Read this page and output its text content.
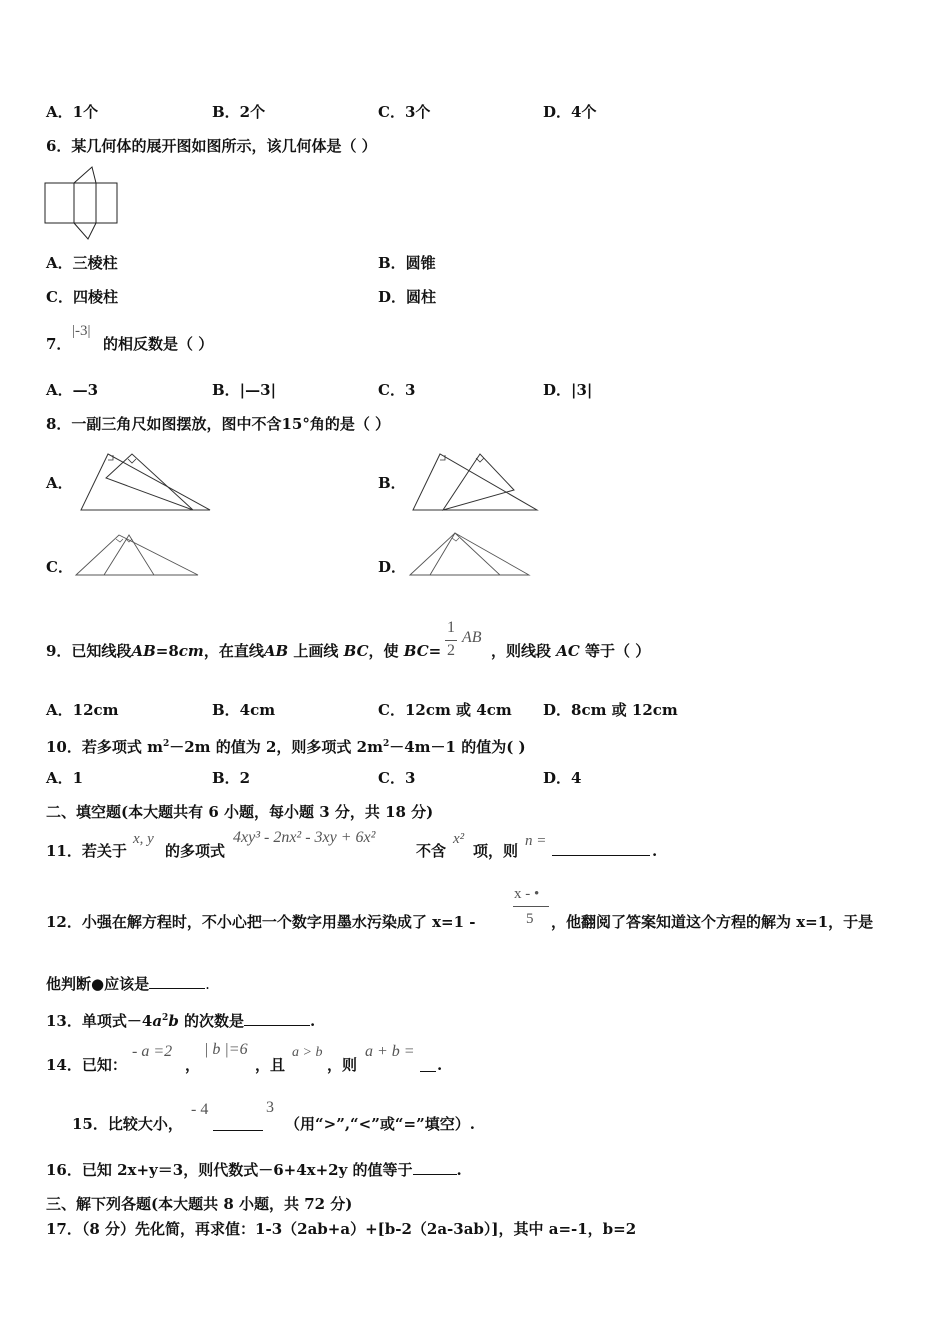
A．1个	B．2个	C．3个	D．4个
6．某几何体的展开图如图所示，该几何体是（ ）
A．三棱柱	B．圆锥
C．四棱柱	D．圆柱
7．
|-3|
的相反数是（ ）
A．—3	B．|—3|	C．3	D．|3|
8．一副三角尺如图摆放，图中不含15°角的是（ ）
A．	B．
C．	D．
9．已知线段AB=8cm，在直线AB 上画线 BC，使 BC=
1
2
AB
，则线段 AC 等于（ ）
A．12cm	B．4cm	C．12cm 或 4cm D．8cm 或 12cm
10．若多项式 $m^2-2m$ 的值为 2，则多项式 $2m^2-4m-1$ 的值为( )
A．1	B．2	C．3	D．4
二、填空题(本大题共有 6 小题，每小题 3 分，共 18 分)
11．若关于
x, y
的多项式
4xy³ - 2nx² - 3xy + 6x²
不含
x²
项，则
n =
.
12．小强在解方程时，不小心把一个数字用墨水污染成了 x=1 -
x - •
5 ，他翻阅了答案知道这个方程的解为 x=1，于是
他判断●应该是	.
13．单项式$-4a^2b$ 的次数是	.
14．已知：
- a =2
，
| b |=6
，且
a > b
，则
a + b =
.
15．比较大小，
- 4	3
（用“>”,“<”或“=”填空）.
16．已知 2x+y＝3，则代数式－6+4x+2y 的值等于	.
三、解下列各题(本大题共 8 小题，共 72 分)
17．（8 分）先化简，再求值：1-3（2ab+a）+[b-2（2a-3ab）]，其中 a=-1，b=2
